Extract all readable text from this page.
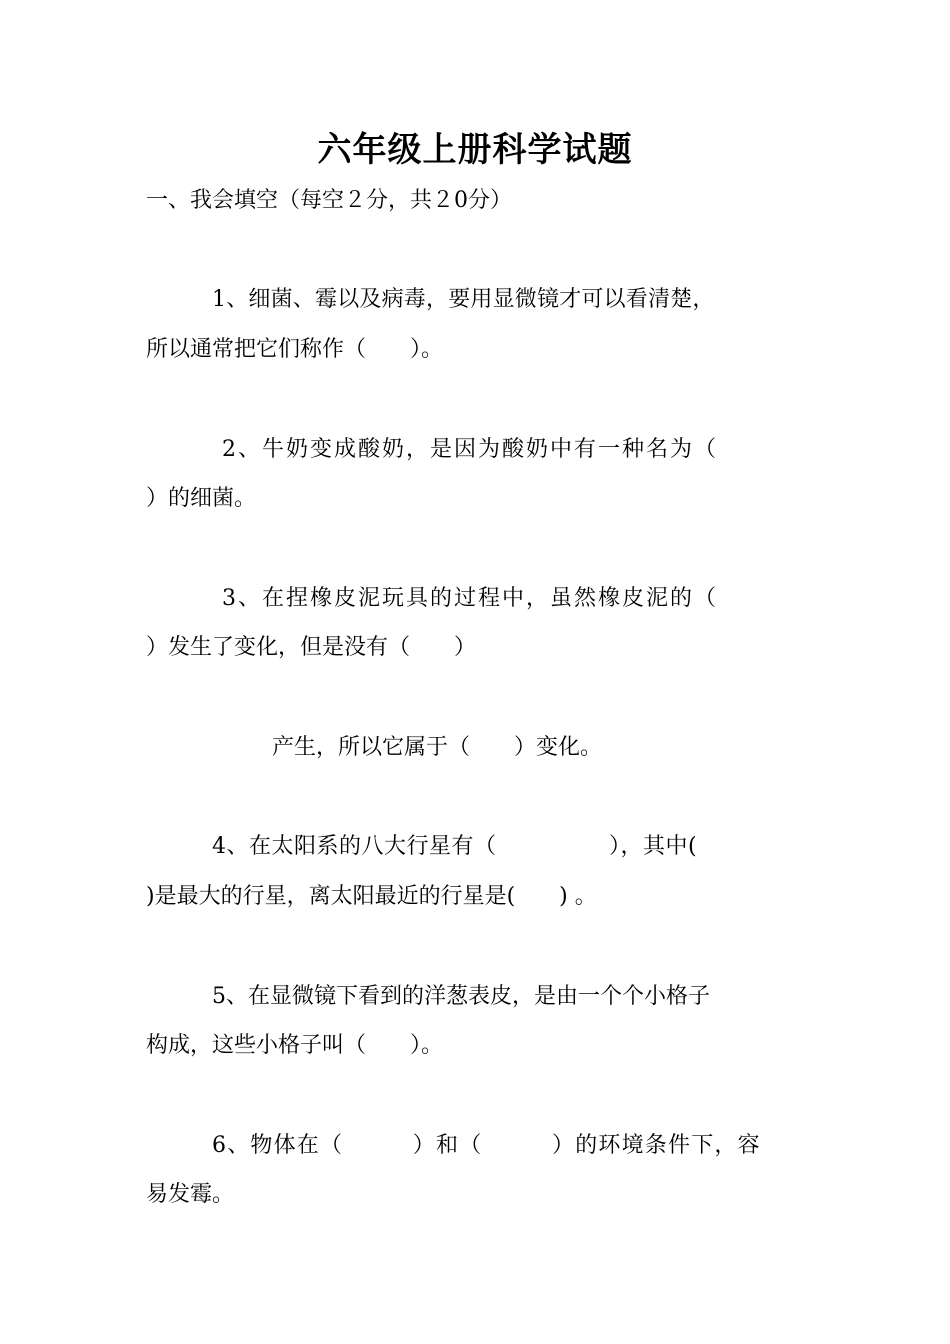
六年级上册科学试题
一、我会填空（每空２分，共２0分）
1、细菌、霉以及病毒，要用显微镜才可以看清楚，
所以通常把它们称作（　　）。
2、牛奶变成酸奶，是因为酸奶中有一种名为（
）的细菌。
3、在捏橡皮泥玩具的过程中，虽然橡皮泥的（
）发生了变化，但是没有（　　）
产生，所以它属于（　　）变化。
4、在太阳系的八大行星有（　　　　　），其中(
)是最大的行星，离太阳最近的行星是(　　) 。
5、在显微镜下看到的洋葱表皮，是由一个个小格子
构成，这些小格子叫（　　）。
6、物体在（　　　）和（　　　）的环境条件下，容
易发霉。
